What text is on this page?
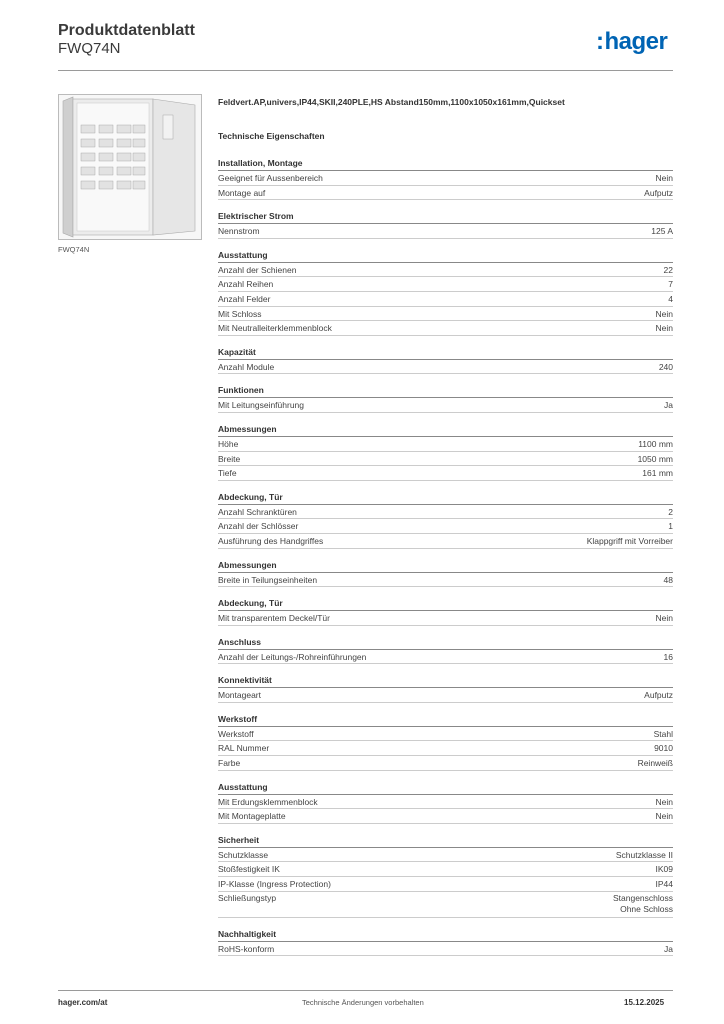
Produktdatenblatt
FWQ74N	:hager
FWQ74N
Feldvert.AP,univers,IP44,SKII,240PLE,HS Abstand150mm,1100x1050x161mm,Quickset
Technische Eigenschaften
Installation, Montage
Geeignet für Aussenbereich	Nein
Montage auf	Aufputz
Elektrischer Strom
Nennstrom	125 A
Ausstattung
Anzahl der Schienen	22
Anzahl Reihen	7
Anzahl Felder	4
Mit Schloss	Nein
Mit Neutralleiterklemmenblock	Nein
Kapazität
Anzahl Module	240
Funktionen
Mit Leitungseinführung	Ja
Abmessungen
Höhe	1100 mm
Breite	1050 mm
Tiefe	161 mm
Abdeckung, Tür
Anzahl Schranktüren	2
Anzahl der Schlösser	1
Ausführung des Handgriffes	Klappgriff mit Vorreiber
Abmessungen
Breite in Teilungseinheiten	48
Abdeckung, Tür
Mit transparentem Deckel/Tür	Nein
Anschluss
Anzahl der Leitungs-/Rohreinführungen	16
Konnektivität
Montageart	Aufputz
Werkstoff
Werkstoff	Stahl
RAL Nummer	9010
Farbe	Reinweiß
Ausstattung
Mit Erdungsklemmenblock	Nein
Mit Montageplatte	Nein
Sicherheit
Schutzklasse	Schutzklasse II
Stoßfestigkeit IK	IK09
IP-Klasse (Ingress Protection)	IP44
Schließungstyp	Stangenschloss
Ohne Schloss
Nachhaltigkeit
RoHS-konform	Ja
hager.com/at	Technische Änderungen vorbehalten	15.12.2025
